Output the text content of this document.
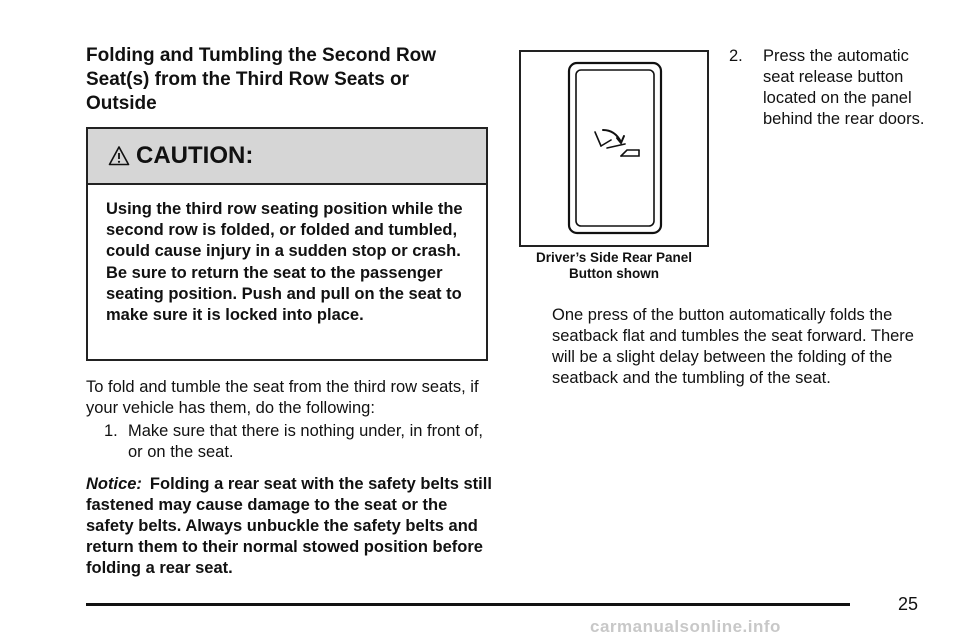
Folding and Tumbling the Second Row Seat(s) from the Third Row Seats or Outside
CAUTION:
Using the third row seating position while the second row is folded, or folded and tumbled, could cause injury in a sudden stop or crash. Be sure to return the seat to the passenger seating position. Push and pull on the seat to make sure it is locked into place.
To fold and tumble the seat from the third row seats, if your vehicle has them, do the following:
1. Make sure that there is nothing under, in front of, or on the seat.
Notice: Folding a rear seat with the safety belts still fastened may cause damage to the seat or the safety belts. Always unbuckle the safety belts and return them to their normal stowed position before folding a rear seat.
Driver’s Side Rear Panel Button shown
2. Press the automatic seat release button located on the panel behind the rear doors.
One press of the button automatically folds the seatback flat and tumbles the seat forward. There will be a slight delay between the folding of the seatback and the tumbling of the seat.
25
carmanualsonline.info
